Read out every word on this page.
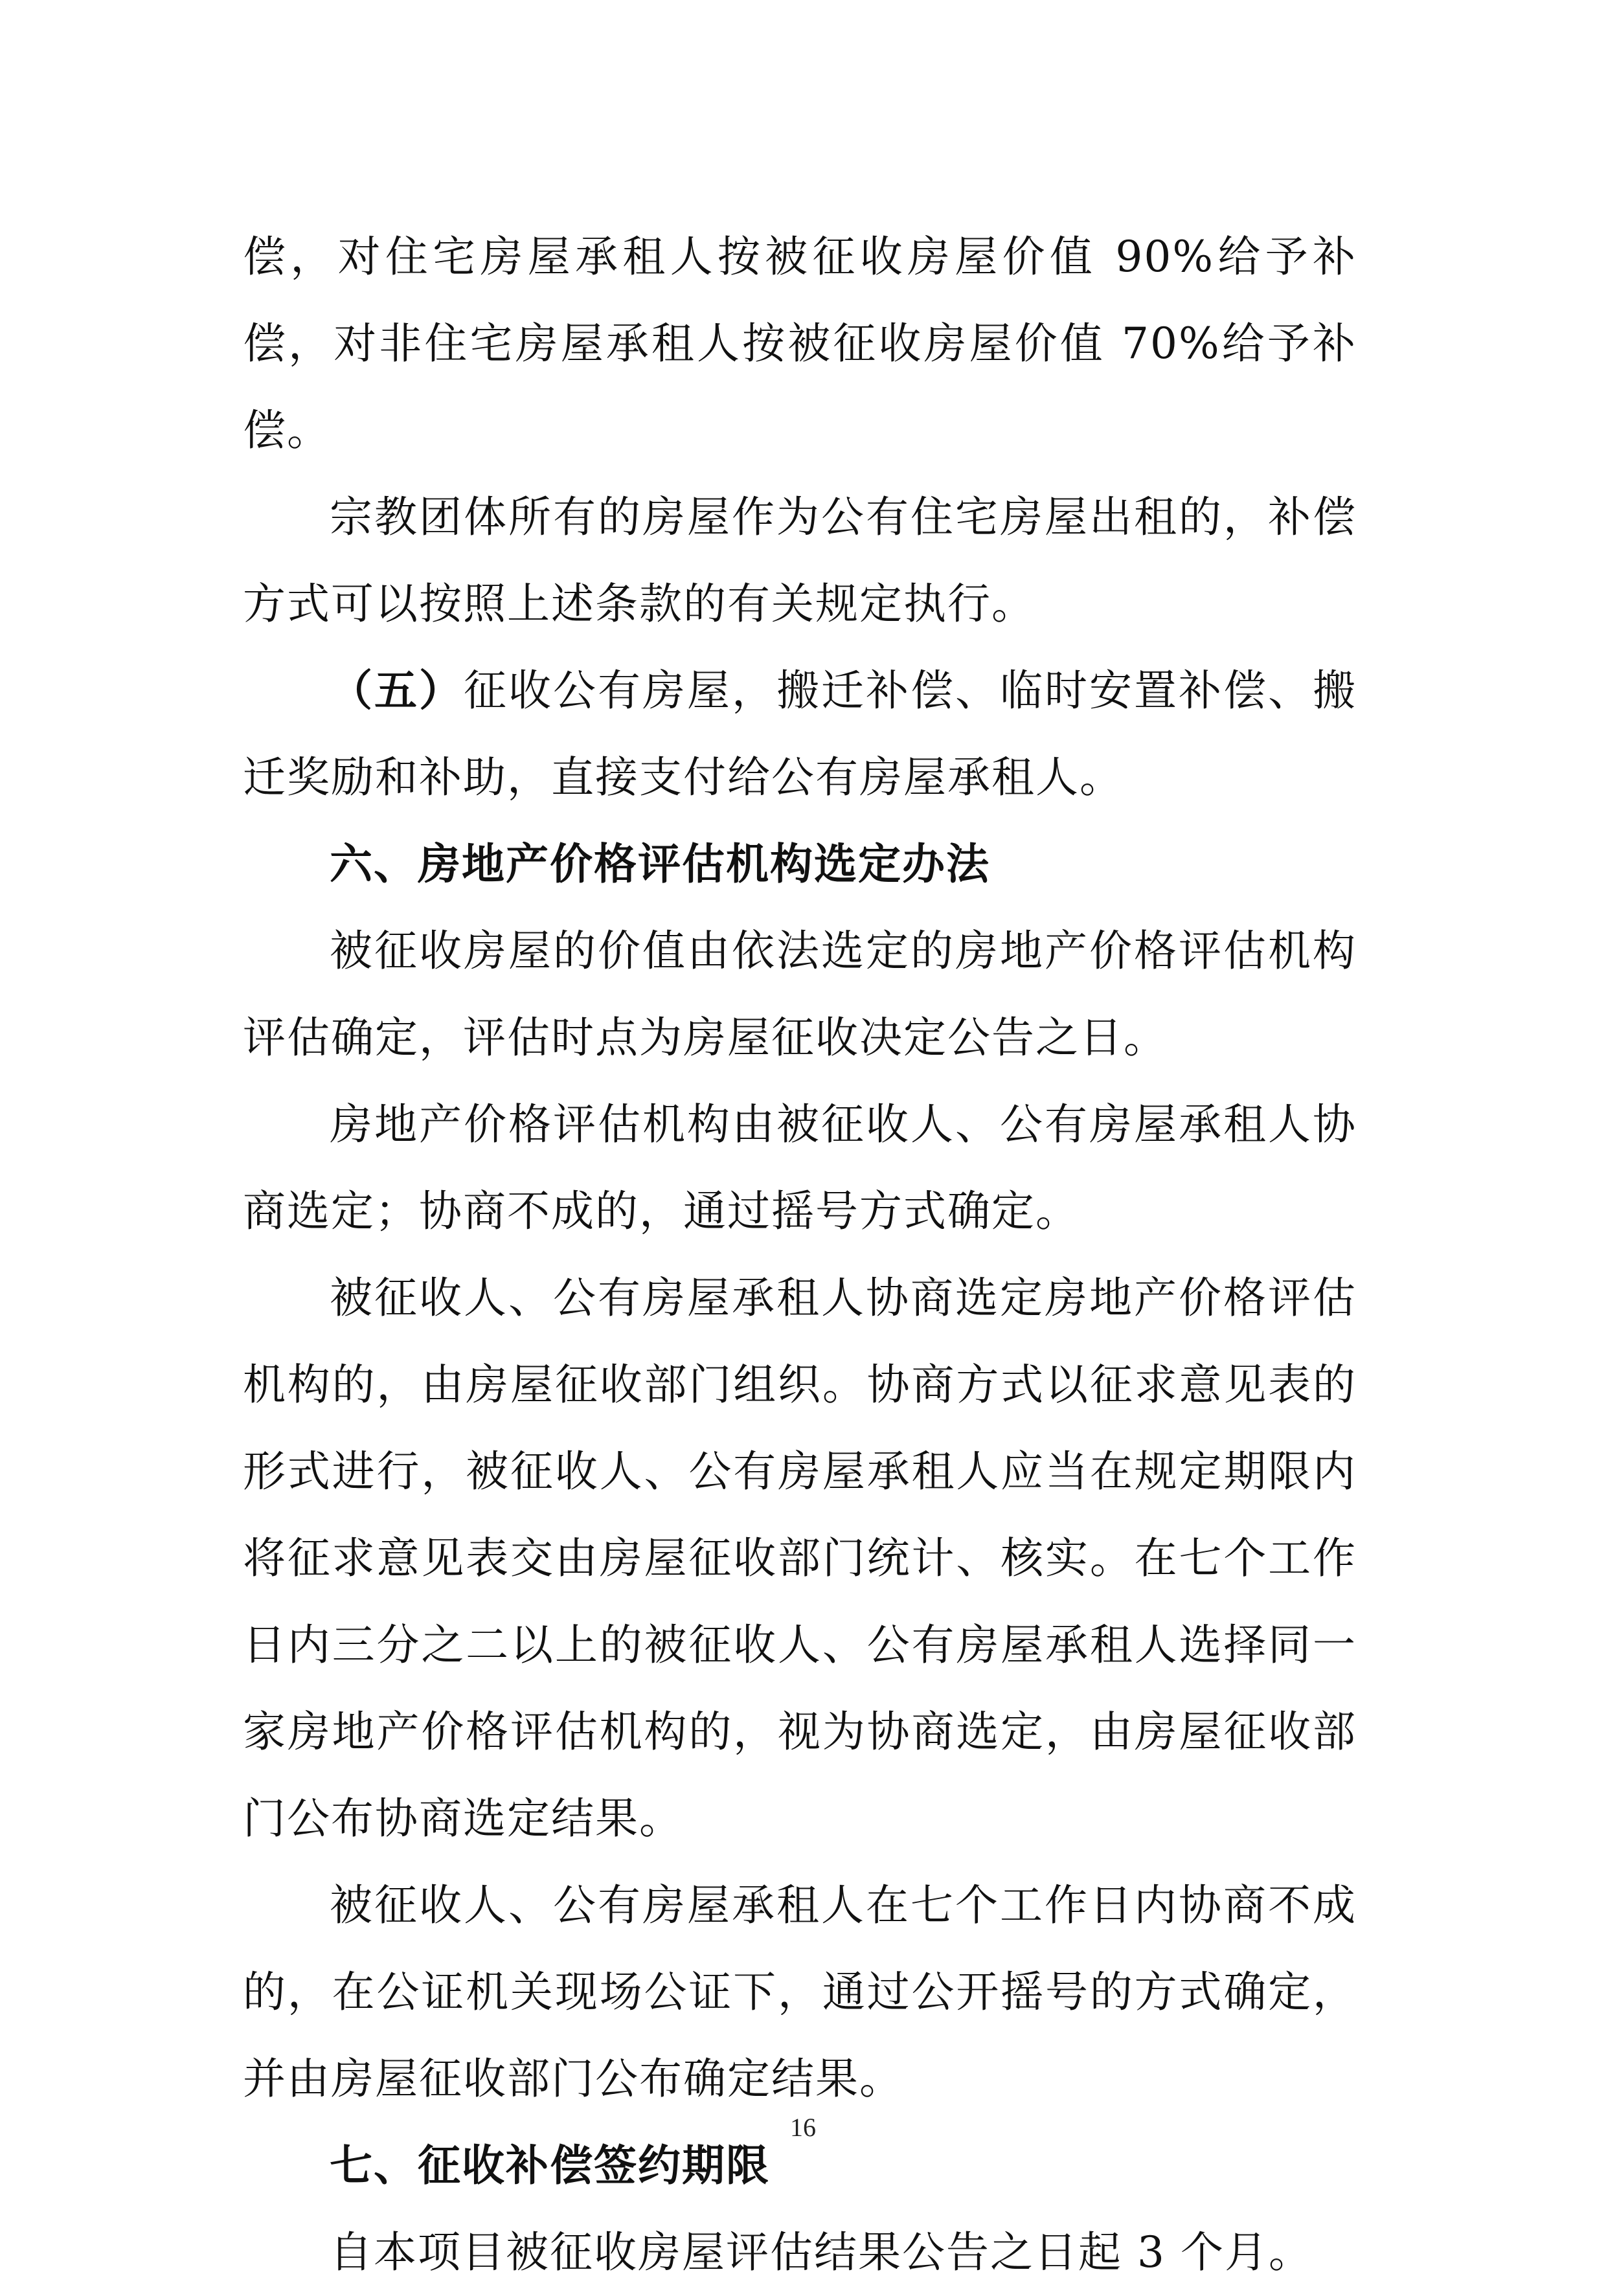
偿，对住宅房屋承租人按被征收房屋价值 90%给予补偿，对非住宅房屋承租人按被征收房屋价值 70%给予补偿。

宗教团体所有的房屋作为公有住宅房屋出租的，补偿方式可以按照上述条款的有关规定执行。

（五）征收公有房屋，搬迁补偿、临时安置补偿、搬迁奖励和补助，直接支付给公有房屋承租人。

六、房地产价格评估机构选定办法

被征收房屋的价值由依法选定的房地产价格评估机构评估确定，评估时点为房屋征收决定公告之日。

房地产价格评估机构由被征收人、公有房屋承租人协商选定；协商不成的，通过摇号方式确定。

被征收人、公有房屋承租人协商选定房地产价格评估机构的，由房屋征收部门组织。协商方式以征求意见表的形式进行，被征收人、公有房屋承租人应当在规定期限内将征求意见表交由房屋征收部门统计、核实。在七个工作日内三分之二以上的被征收人、公有房屋承租人选择同一家房地产价格评估机构的，视为协商选定，由房屋征收部门公布协商选定结果。

被征收人、公有房屋承租人在七个工作日内协商不成的，在公证机关现场公证下，通过公开摇号的方式确定，并由房屋征收部门公布确定结果。

七、征收补偿签约期限

自本项目被征收房屋评估结果公告之日起 3 个月。

16
